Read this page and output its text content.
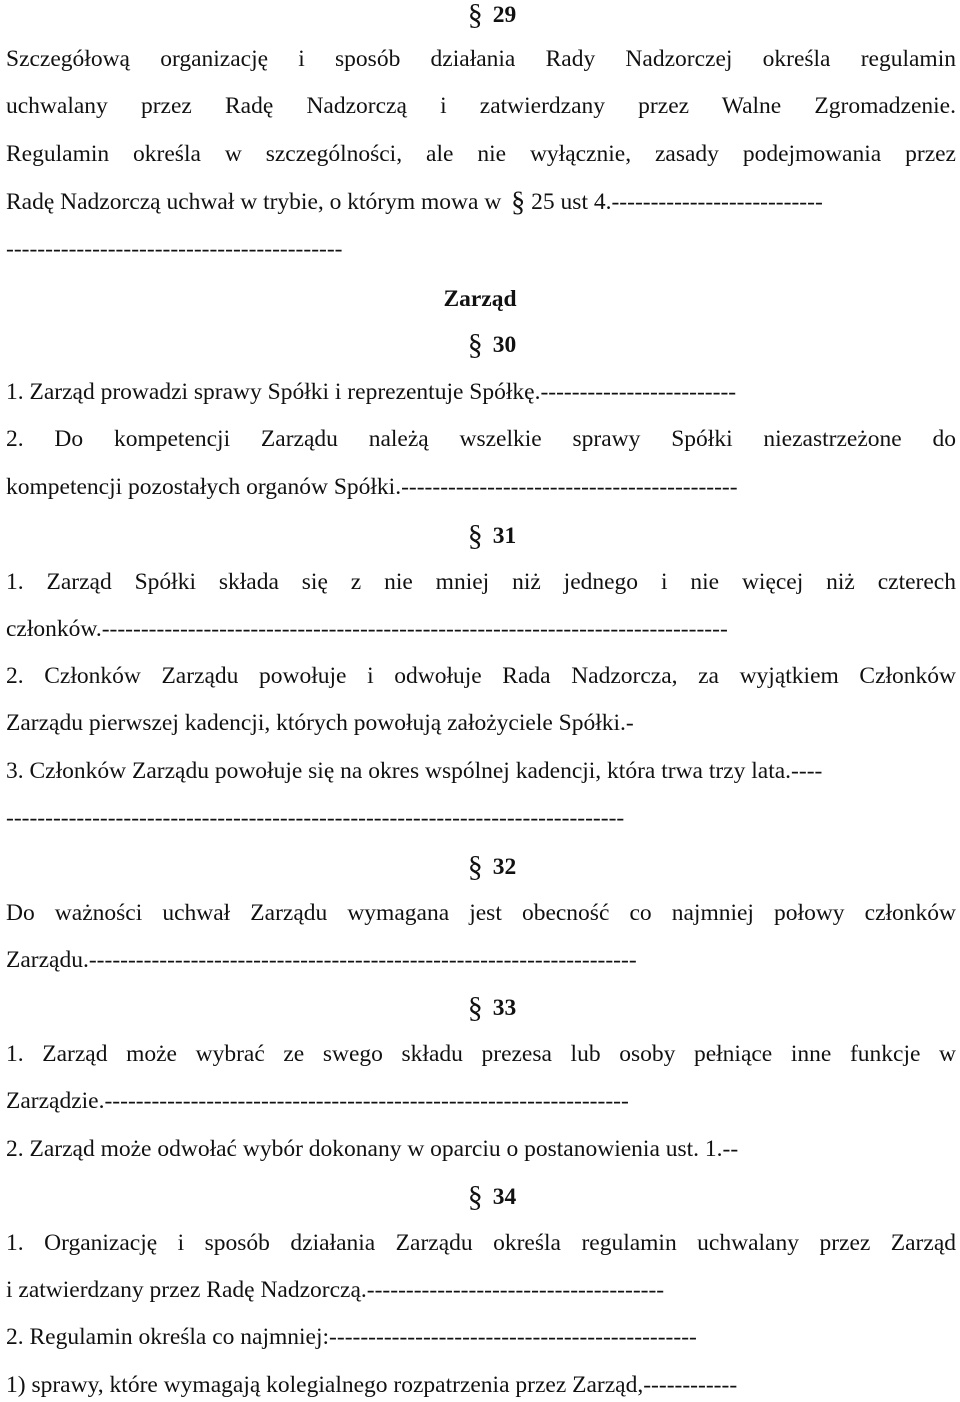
§ 29

Szczegółową organizację i sposób działania Rady Nadzorczej określa regulamin

uchwalany przez Radę Nadzorczą i zatwierdzany przez Walne Zgromadzenie.

Regulamin określa w szczególności, ale nie wyłącznie, zasady podejmowania przez

Radę Nadzorczą uchwał w trybie, o którym mowa w § 25 ust 4.---------------------------

-------------------------------------------

Zarząd
§ 30

1. Zarząd prowadzi sprawy Spółki i reprezentuje Spółkę.-------------------------

2. Do kompetencji Zarządu należą wszelkie sprawy Spółki niezastrzeżone do

kompetencji pozostałych organów Spółki.-------------------------------------------

§ 31

1. Zarząd Spółki składa się z nie mniej niż jednego i nie więcej niż czterech

członków.--------------------------------------------------------------------------------

2. Członków Zarządu powołuje i odwołuje Rada Nadzorcza, za wyjątkiem Członków

Zarządu pierwszej kadencji, których powołują założyciele Spółki.-

3. Członków Zarządu powołuje się na okres wspólnej kadencji, która trwa trzy lata.----

-------------------------------------------------------------------------------

§ 32

Do ważności uchwał Zarządu wymagana jest obecność co najmniej połowy członków

Zarządu.----------------------------------------------------------------------

§ 33

1. Zarząd może wybrać ze swego składu prezesa lub osoby pełniące inne funkcje w

Zarządzie.-------------------------------------------------------------------

2. Zarząd może odwołać wybór dokonany w oparciu o postanowienia ust. 1.--

§ 34

1. Organizację i sposób działania Zarządu określa regulamin uchwalany przez Zarząd

i zatwierdzany przez Radę Nadzorczą.--------------------------------------

2. Regulamin określa co najmniej:-----------------------------------------------

1) sprawy, które wymagają kolegialnego rozpatrzenia przez Zarząd,------------
